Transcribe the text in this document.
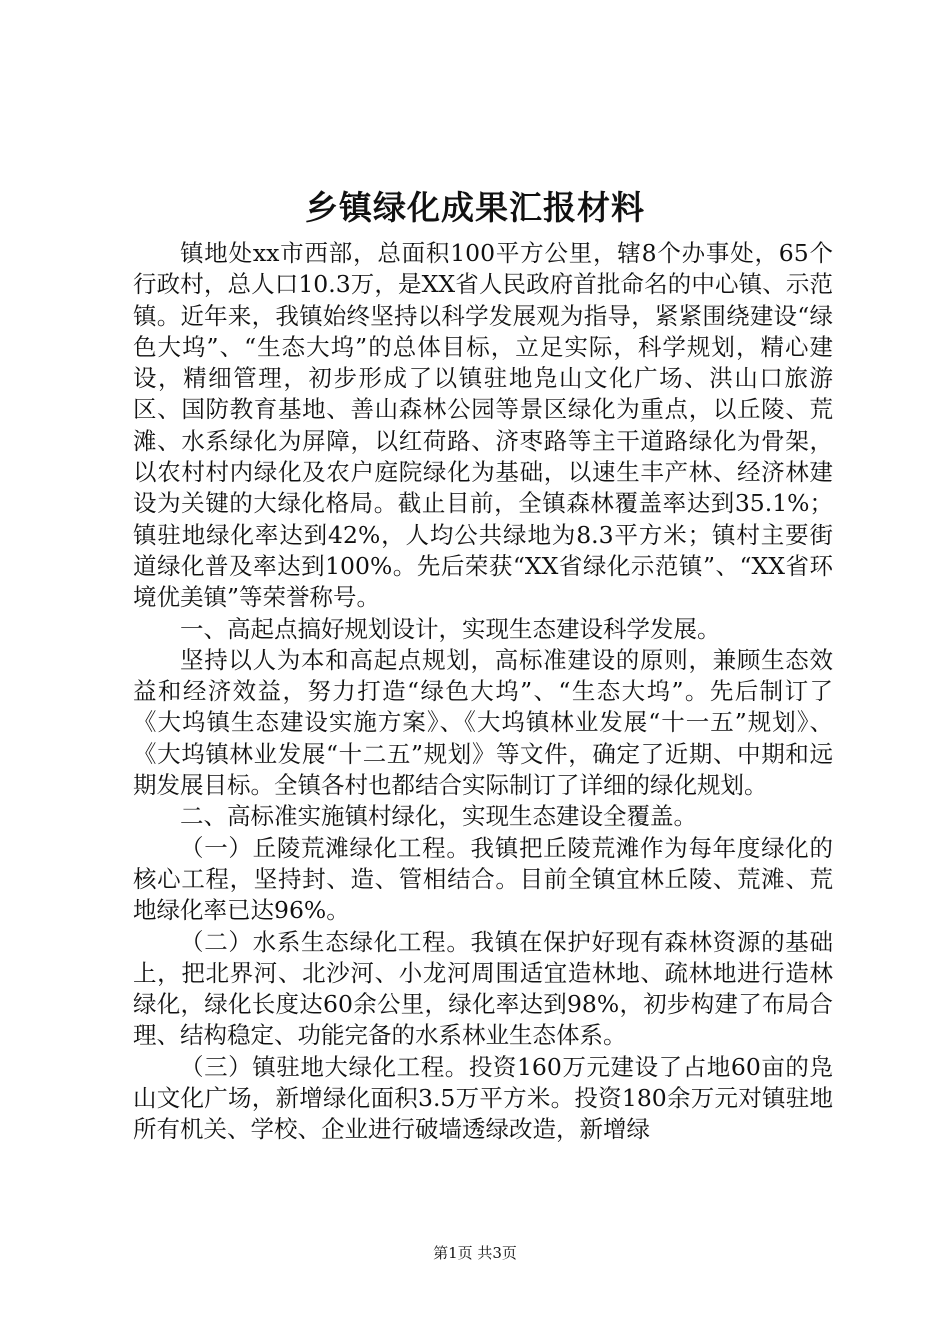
乡镇绿化成果汇报材料

镇地处xx市西部，总面积100平方公里，辖8个办事处，65个行政村，总人口10.3万，是XX省人民政府首批命名的中心镇、示范镇。近年来，我镇始终坚持以科学发展观为指导，紧紧围绕建设“绿色大坞”、“生态大坞”的总体目标，立足实际，科学规划，精心建设，精细管理，初步形成了以镇驻地凫山文化广场、洪山口旅游区、国防教育基地、善山森林公园等景区绿化为重点，以丘陵、荒滩、水系绿化为屏障，以红荷路、济枣路等主干道路绿化为骨架，以农村村内绿化及农户庭院绿化为基础，以速生丰产林、经济林建设为关键的大绿化格局。截止目前，全镇森林覆盖率达到35.1%；镇驻地绿化率达到42%，人均公共绿地为8.3平方米；镇村主要街道绿化普及率达到100%。先后荣获“XX省绿化示范镇”、“XX省环境优美镇”等荣誉称号。

一、高起点搞好规划设计，实现生态建设科学发展。

坚持以人为本和高起点规划，高标准建设的原则，兼顾生态效益和经济效益，努力打造“绿色大坞”、“生态大坞”。先后制订了《大坞镇生态建设实施方案》、《大坞镇林业发展“十一五”规划》、《大坞镇林业发展“十二五”规划》等文件，确定了近期、中期和远期发展目标。全镇各村也都结合实际制订了详细的绿化规划。

二、高标准实施镇村绿化，实现生态建设全覆盖。

（一）丘陵荒滩绿化工程。我镇把丘陵荒滩作为每年度绿化的核心工程，坚持封、造、管相结合。目前全镇宜林丘陵、荒滩、荒地绿化率已达96%。

（二）水系生态绿化工程。我镇在保护好现有森林资源的基础上，把北界河、北沙河、小龙河周围适宜造林地、疏林地进行造林绿化，绿化长度达60余公里，绿化率达到98%，初步构建了布局合理、结构稳定、功能完备的水系林业生态体系。

（三）镇驻地大绿化工程。投资160万元建设了占地60亩的凫山文化广场，新增绿化面积3.5万平方米。投资180余万元对镇驻地所有机关、学校、企业进行破墙透绿改造，新增绿

第1页 共3页
